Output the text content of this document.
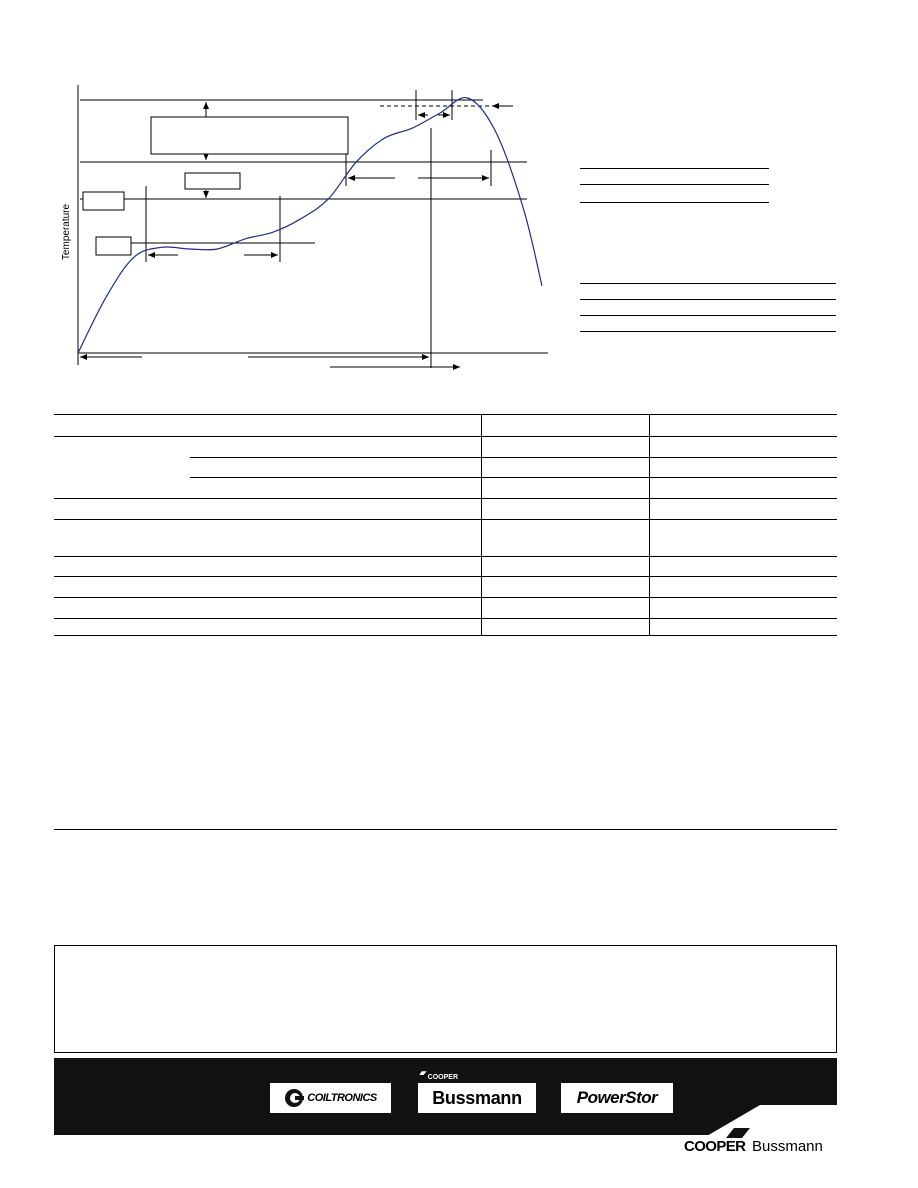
Temperature
COILTRONICS
COOPER
Bussmann	PowerStor
COOPER Bussmann
